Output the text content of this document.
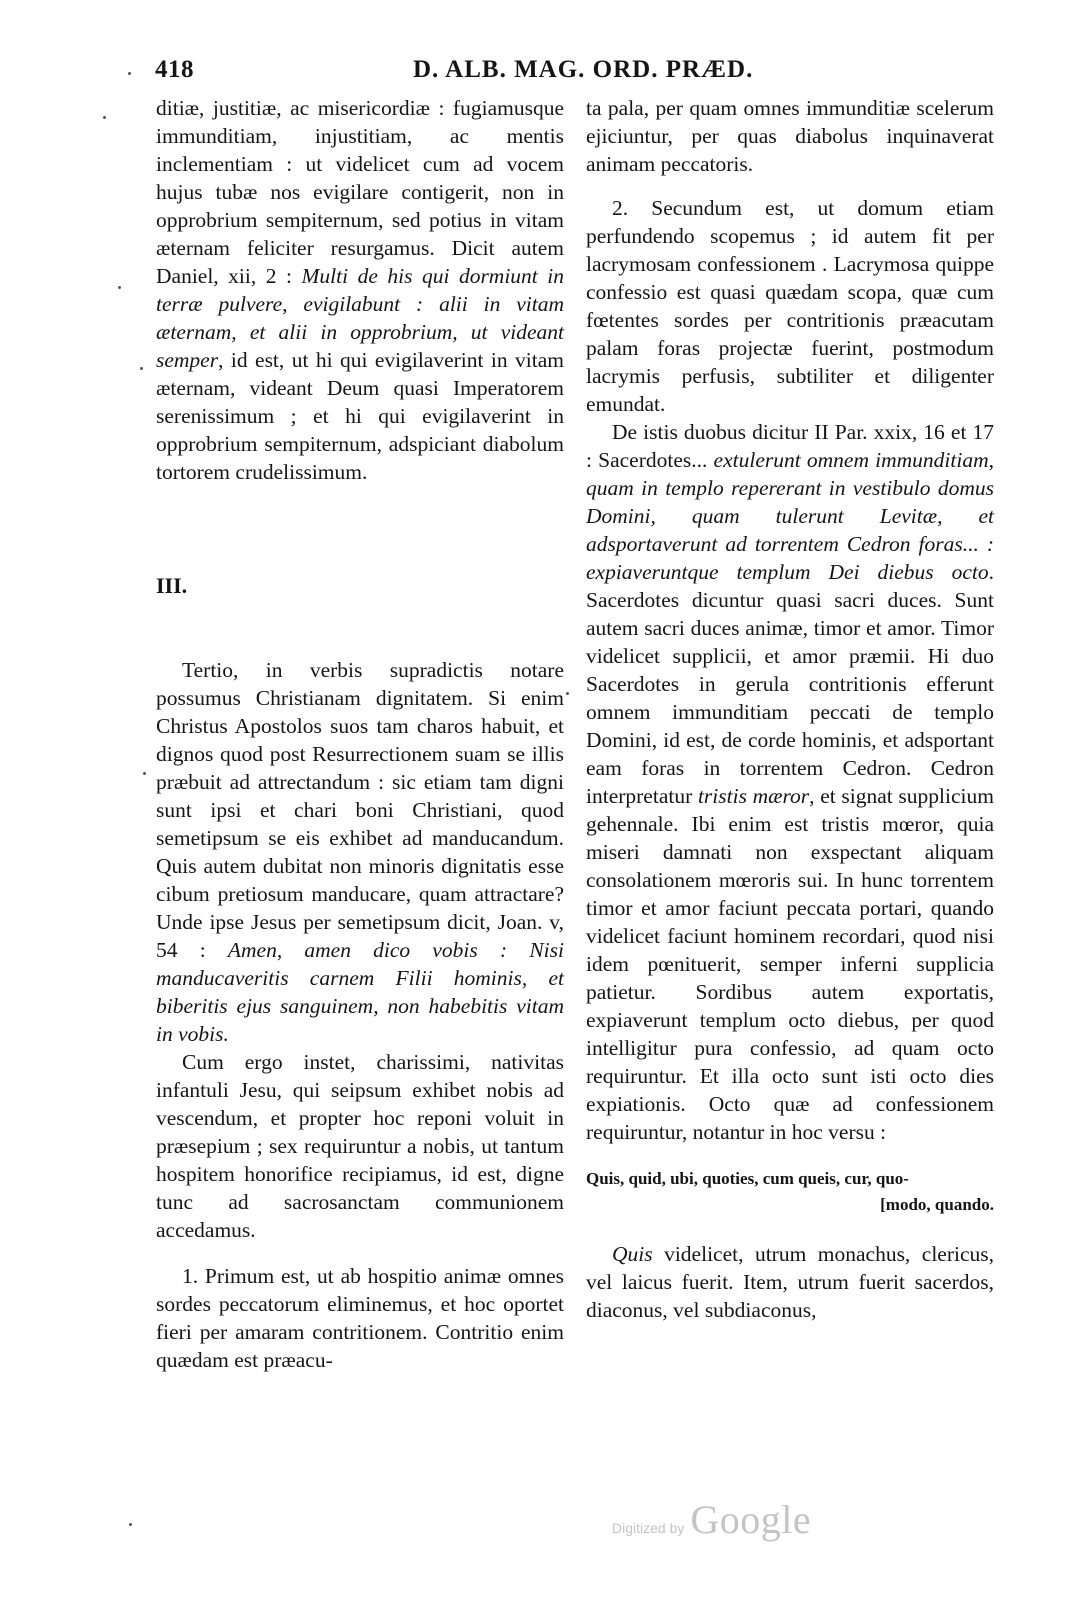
418	D. ALB. MAG. ORD. PRÆD.

ditiæ, justitiæ, ac misericordiæ : fugiamusque immunditiam, injustitiam, ac mentis inclementiam : ut videlicet cum ad vocem hujus tubæ nos evigilare contigerit, non in opprobrium sempiternum, sed potius in vitam æternam feliciter resurgamus. Dicit autem Daniel, xii, 2 : Multi de his qui dormiunt in terræ pulvere, evigilabunt : alii in vitam æternam, et alii in opprobrium, ut videant semper, id est, ut hi qui evigilaverint in vitam æternam, videant Deum quasi Imperatorem serenissimum ; et hi qui evigilaverint in opprobrium sempiternum, adspiciant diabolum tortorem crudelissimum.

III.

Tertio, in verbis supradictis notare possumus Christianam dignitatem. Si enim Christus Apostolos suos tam charos habuit, et dignos quod post Resurrectionem suam se illis præbuit ad attrectandum : sic etiam tam digni sunt ipsi et chari boni Christiani, quod semetipsum se eis exhibet ad manducandum. Quis autem dubitat non minoris dignitatis esse cibum pretiosum manducare, quam attractare? Unde ipse Jesus per semetipsum dicit, Joan. v, 54 : Amen, amen dico vobis : Nisi manducaveritis carnem Filii hominis, et biberitis ejus sanguinem, non habebitis vitam in vobis.

Cum ergo instet, charissimi, nativitas infantuli Jesu, qui seipsum exhibet nobis ad vescendum, et propter hoc reponi voluit in præsepium ; sex requiruntur a nobis, ut tantum hospitem honorifice recipiamus, id est, digne tunc ad sacrosanctam communionem accedamus.

1. Primum est, ut ab hospitio animæ omnes sordes peccatorum eliminemus, et hoc oportet fieri per amaram contritionem. Contritio enim quædam est præacu-

ta pala, per quam omnes immunditiæ scelerum ejiciuntur, per quas diabolus inquinaverat animam peccatoris.

2. Secundum est, ut domum etiam perfundendo scopemus ; id autem fit per lacrymosam confessionem . Lacrymosa quippe confessio est quasi quædam scopa, quæ cum fœtentes sordes per contritionis præacutam palam foras projectæ fuerint, postmodum lacrymis perfusis, subtiliter et diligenter emundat.

De istis duobus dicitur II Par. xxix, 16 et 17 : Sacerdotes... extulerunt omnem immunditiam, quam in templo repererant in vestibulo domus Domini, quam tulerunt Levitæ, et adsportaverunt ad torrentem Cedron foras... : expiaveruntque templum Dei diebus octo. Sacerdotes dicuntur quasi sacri duces. Sunt autem sacri duces animæ, timor et amor. Timor videlicet supplicii, et amor præmii. Hi duo Sacerdotes in gerula contritionis efferunt omnem immunditiam peccati de templo Domini, id est, de corde hominis, et adsportant eam foras in torrentem Cedron. Cedron interpretatur tristis mæror, et signat supplicium gehennale. Ibi enim est tristis mœror, quia miseri damnati non exspectant aliquam consolationem mœroris sui. In hunc torrentem timor et amor faciunt peccata portari, quando videlicet faciunt hominem recordari, quod nisi idem pœnituerit, semper inferni supplicia patietur. Sordibus autem exportatis, expiaverunt templum octo diebus, per quod intelligitur pura confessio, ad quam octo requiruntur. Et illa octo sunt isti octo dies expiationis. Octo quæ ad confessionem requiruntur, notantur in hoc versu :

Quis, quid, ubi, quoties, cum queis, cur, quo-
[modo, quando.

Quis videlicet, utrum monachus, clericus, vel laicus fuerit. Item, utrum fuerit sacerdos, diaconus, vel subdiaconus,

Digitized by Google
